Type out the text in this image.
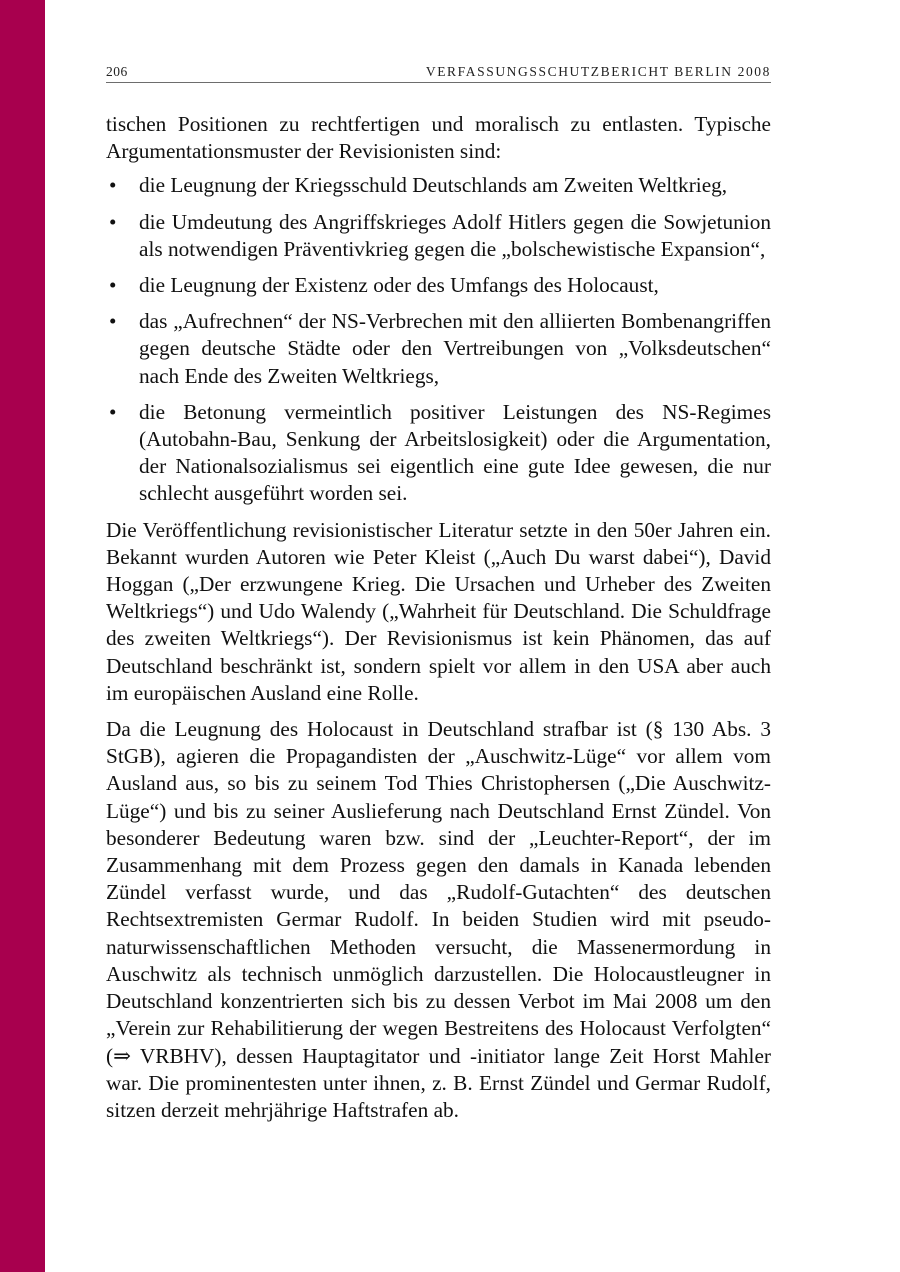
206	VERFASSUNGSSCHUTZBERICHT BERLIN 2008

tischen Positionen zu rechtfertigen und moralisch zu entlasten. Typische Argumentationsmuster der Revisionisten sind:

• die Leugnung der Kriegsschuld Deutschlands am Zweiten Weltkrieg,
• die Umdeutung des Angriffskrieges Adolf Hitlers gegen die Sowjetunion als notwendigen Präventivkrieg gegen die „bolschewistische Expansion“,
• die Leugnung der Existenz oder des Umfangs des Holocaust,
• das „Aufrechnen“ der NS-Verbrechen mit den alliierten Bombenangriffen gegen deutsche Städte oder den Vertreibungen von „Volksdeutschen“ nach Ende des Zweiten Weltkriegs,
• die Betonung vermeintlich positiver Leistungen des NS-Regimes (Autobahn-Bau, Senkung der Arbeitslosigkeit) oder die Argumentation, der Nationalsozialismus sei eigentlich eine gute Idee gewesen, die nur schlecht ausgeführt worden sei.

Die Veröffentlichung revisionistischer Literatur setzte in den 50er Jahren ein. Bekannt wurden Autoren wie Peter Kleist („Auch Du warst dabei“), David Hoggan („Der erzwungene Krieg. Die Ursachen und Urheber des Zweiten Weltkriegs“) und Udo Walendy („Wahrheit für Deutschland. Die Schuldfrage des zweiten Weltkriegs“). Der Revisionismus ist kein Phänomen, das auf Deutschland beschränkt ist, sondern spielt vor allem in den USA aber auch im europäischen Ausland eine Rolle.

Da die Leugnung des Holocaust in Deutschland strafbar ist (§ 130 Abs. 3 StGB), agieren die Propagandisten der „Auschwitz-Lüge“ vor allem vom Ausland aus, so bis zu seinem Tod Thies Christophersen („Die Auschwitz-Lüge“) und bis zu seiner Auslieferung nach Deutschland Ernst Zündel. Von besonderer Bedeutung waren bzw. sind der „Leuchter-Report“, der im Zusammenhang mit dem Prozess gegen den damals in Kanada lebenden Zündel verfasst wurde, und das „Rudolf-Gutachten“ des deutschen Rechtsextremisten Germar Rudolf. In beiden Studien wird mit pseudo-naturwissenschaftlichen Methoden versucht, die Massenermordung in Auschwitz als technisch unmöglich darzustellen. Die Holocaustleugner in Deutschland konzentrierten sich bis zu dessen Verbot im Mai 2008 um den „Verein zur Rehabilitierung der wegen Bestreitens des Holocaust Verfolgten“ (⇒ VRBHV), dessen Hauptagitator und -initiator lange Zeit Horst Mahler war. Die prominentesten unter ihnen, z. B. Ernst Zündel und Germar Rudolf, sitzen derzeit mehrjährige Haftstrafen ab.
